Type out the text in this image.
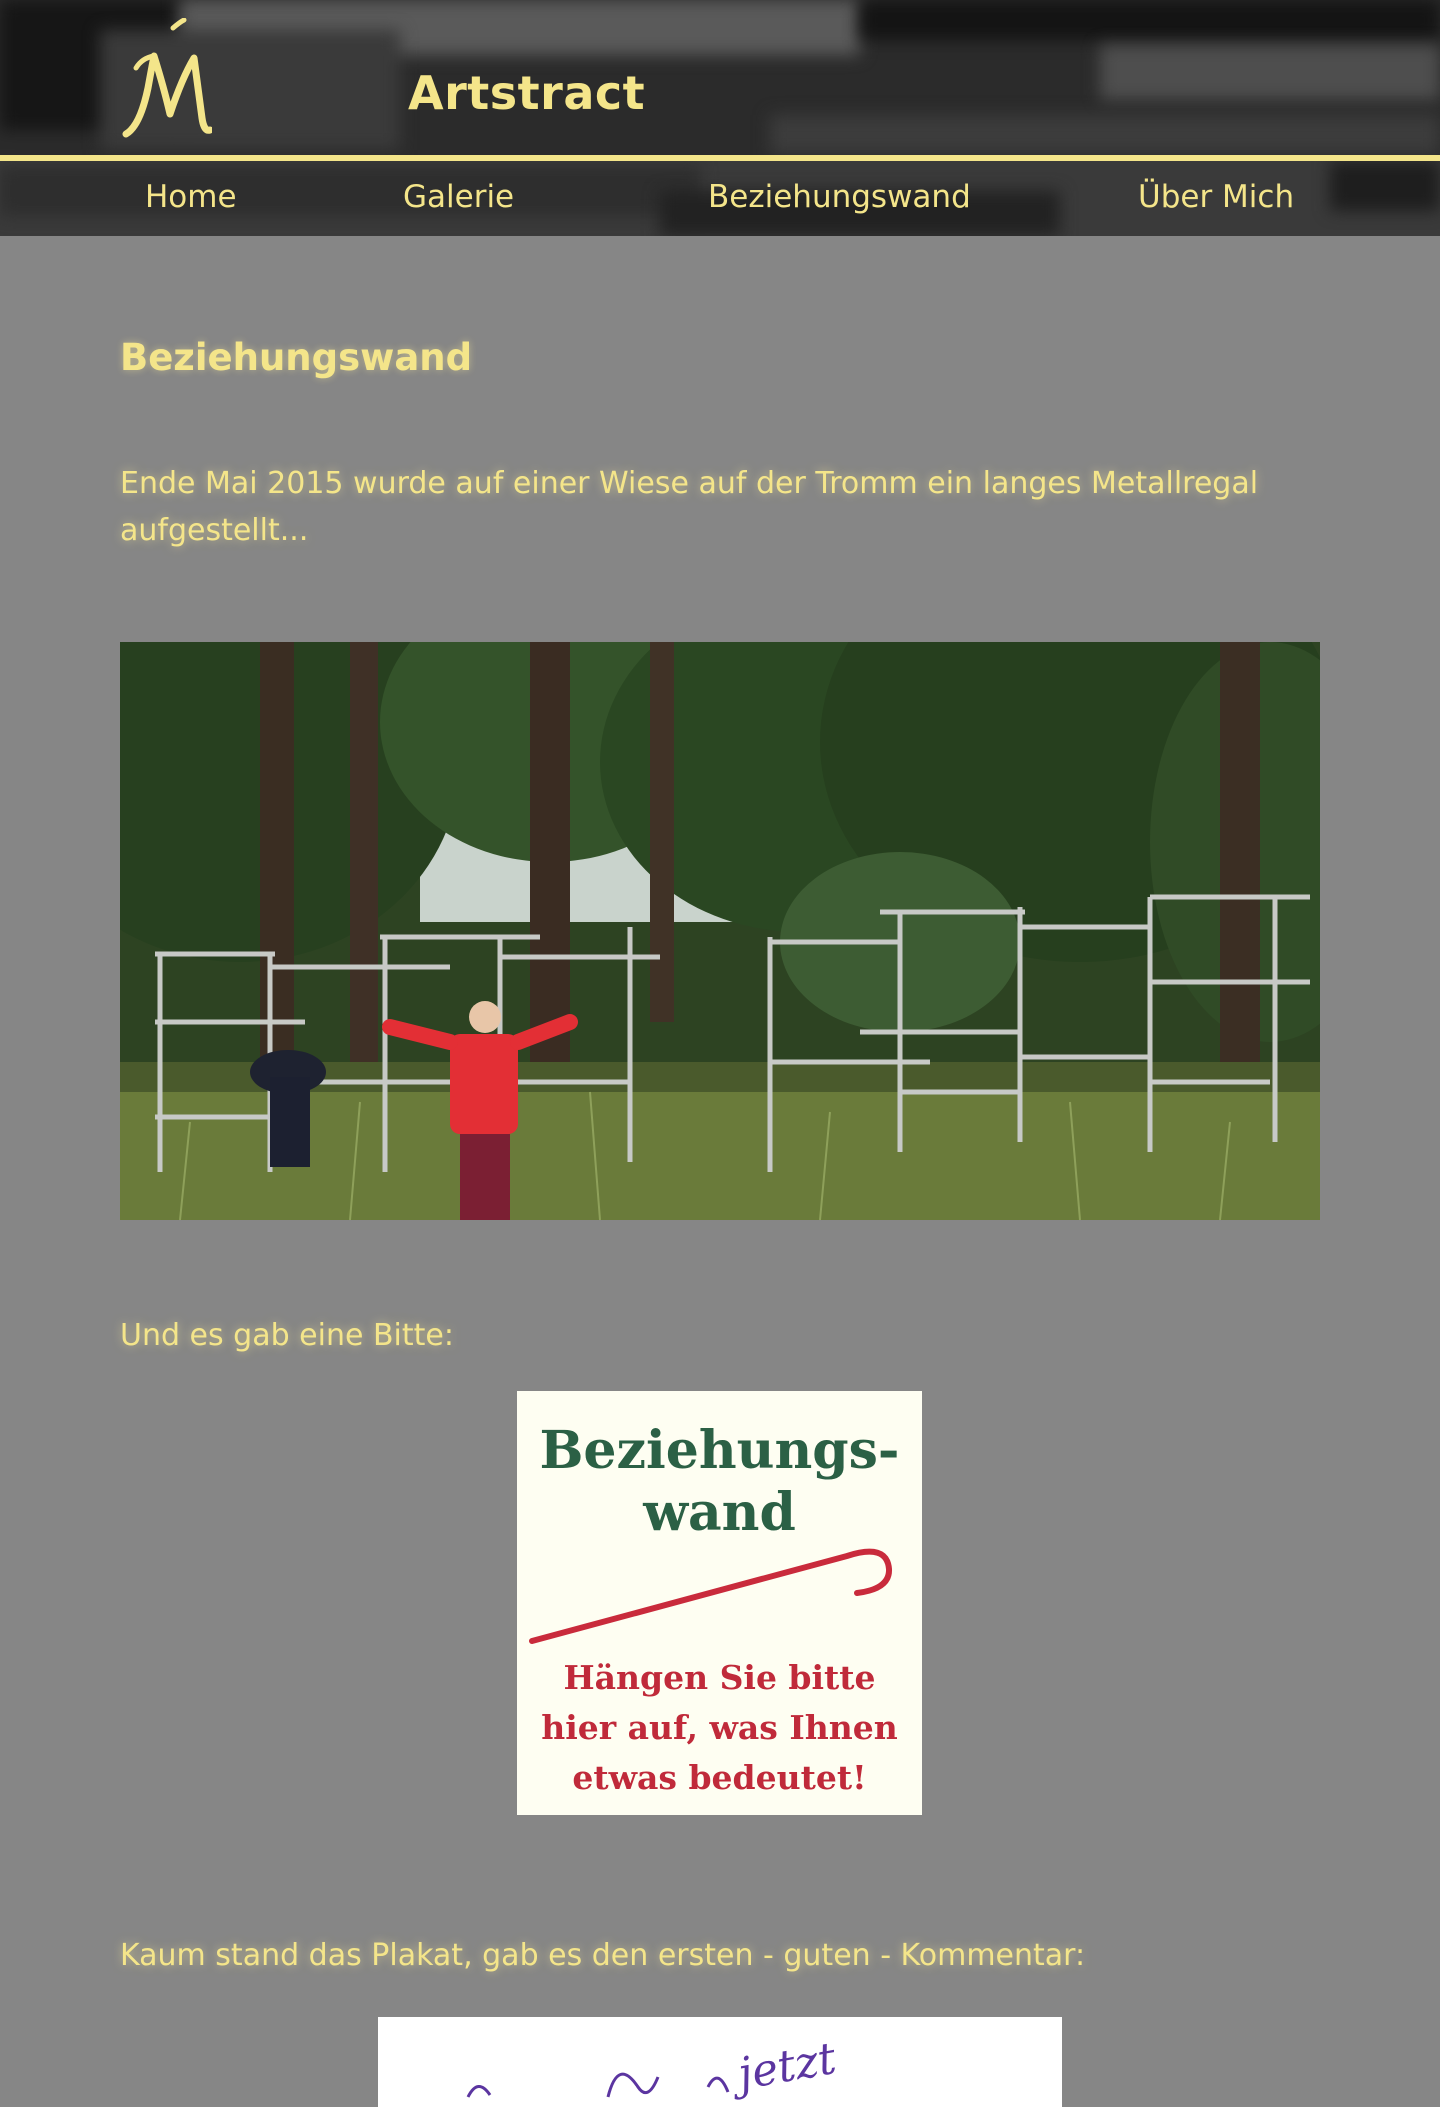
Artstract
Home	Galerie	Beziehungswand	Über Mich
Beziehungswand
Ende Mai 2015 wurde auf einer Wiese auf der Tromm ein langes Metallregal aufgestellt...
Und es gab eine Bitte:
Beziehungs-
wand
Hängen Sie bitte
hier auf, was Ihnen
etwas bedeutet!
Kaum stand das Plakat, gab es den ersten - guten - Kommentar:
jetzt
